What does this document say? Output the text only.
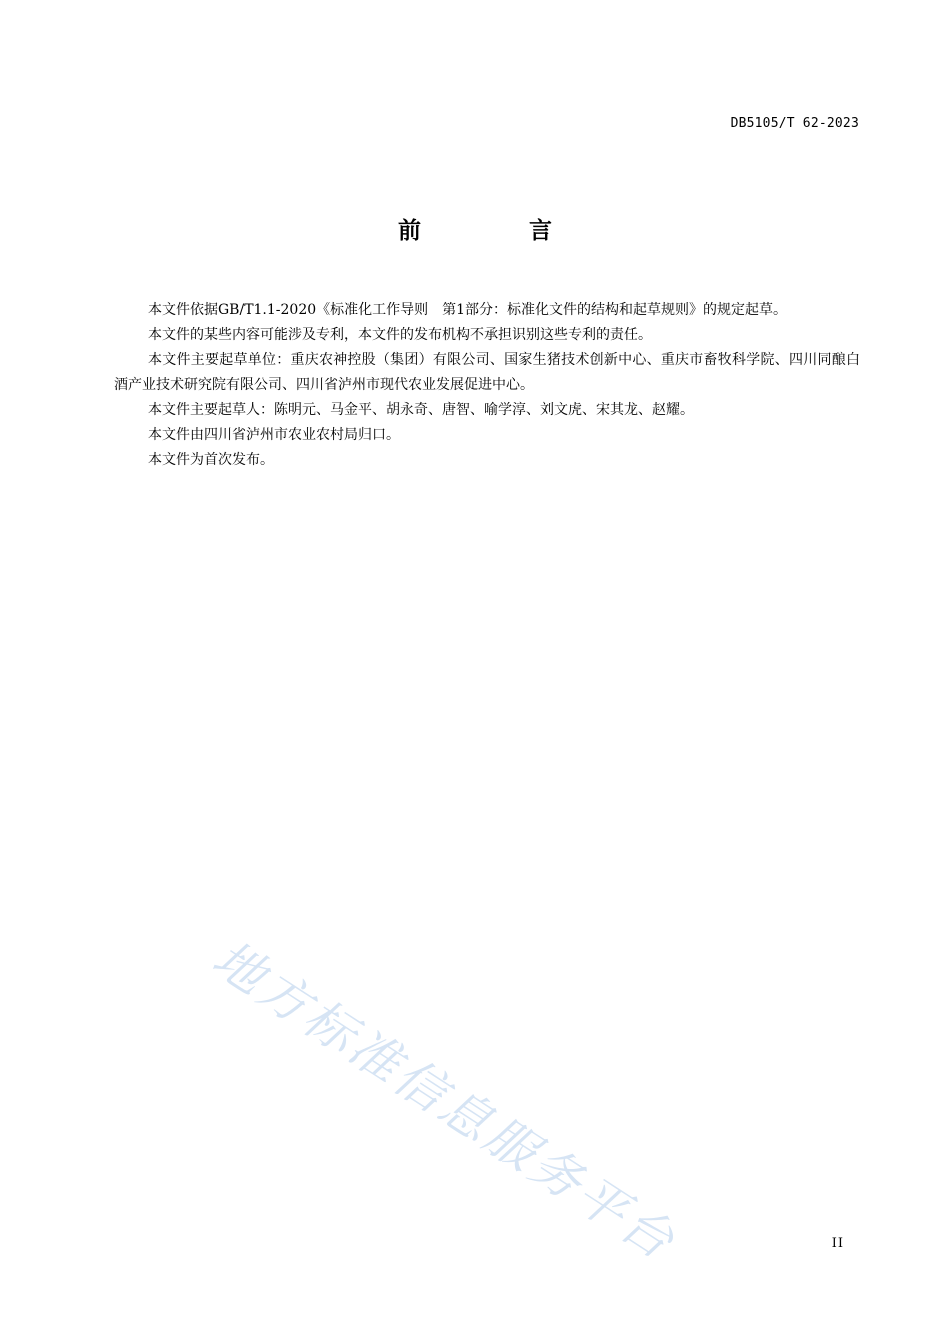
DB5105/T 62-2023
前 言

本文件依据GB/T1.1-2020《标准化工作导则　第1部分：标准化文件的结构和起草规则》的规定起草。

本文件的某些内容可能涉及专利，本文件的发布机构不承担识别这些专利的责任。

本文件主要起草单位：重庆农神控股（集团）有限公司、国家生猪技术创新中心、重庆市畜牧科学院、四川同酿白酒产业技术研究院有限公司、四川省泸州市现代农业发展促进中心。

本文件主要起草人：陈明元、马金平、胡永奇、唐智、喻学淳、刘文虎、宋其龙、赵耀。

本文件由四川省泸州市农业农村局归口。

本文件为首次发布。

地方标准信息服务平台	II
